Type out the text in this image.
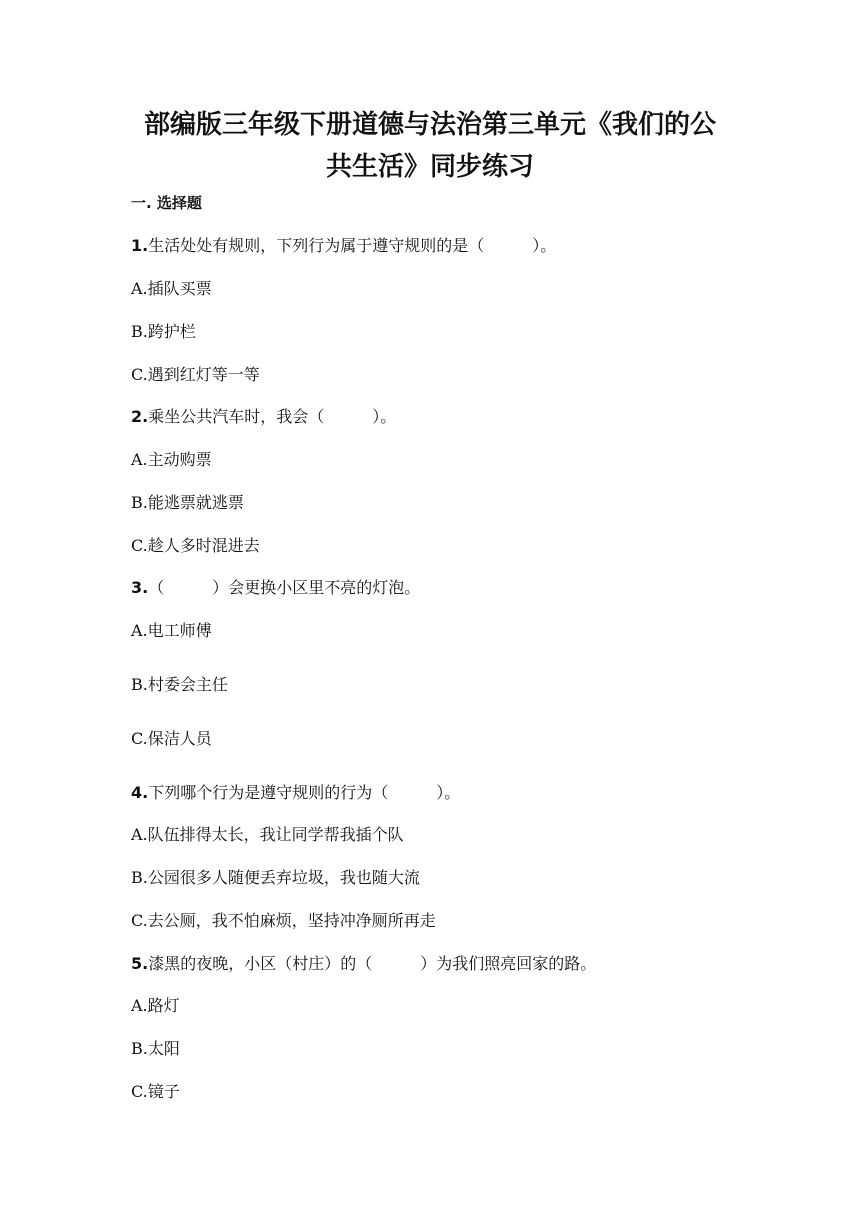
部编版三年级下册道德与法治第三单元《我们的公
共生活》同步练习
一. 选择题
1.生活处处有规则，下列行为属于遵守规则的是（　　　）。
A.插队买票
B.跨护栏
C.遇到红灯等一等
2.乘坐公共汽车时，我会（　　　）。
A.主动购票
B.能逃票就逃票
C.趁人多时混进去
3.（　　　）会更换小区里不亮的灯泡。
A.电工师傅
B.村委会主任
C.保洁人员
4.下列哪个行为是遵守规则的行为（　　　）。
A.队伍排得太长，我让同学帮我插个队
B.公园很多人随便丢弃垃圾，我也随大流
C.去公厕，我不怕麻烦，坚持冲净厕所再走
5.漆黑的夜晚，小区（村庄）的（　　　）为我们照亮回家的路。
A.路灯
B.太阳
C.镜子
